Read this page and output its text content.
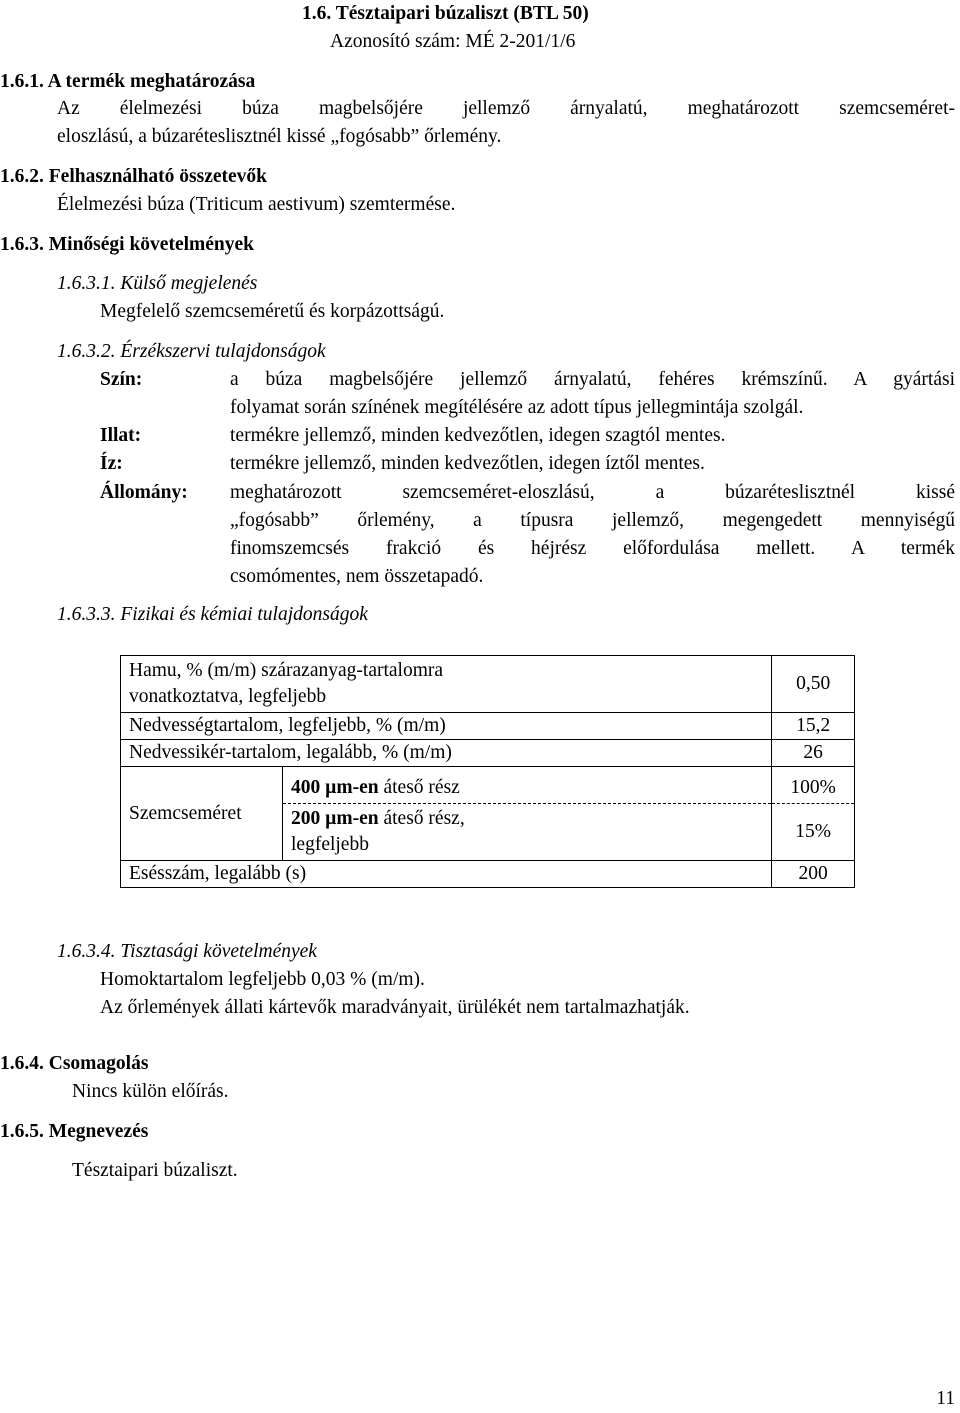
1.6. Tésztaipari búzaliszt (BTL 50)
Azonosító szám: MÉ 2-201/1/6
1.6.1. A termék meghatározása
Az élelmezési búza magbelsőjére jellemző árnyalatú, meghatározott szemcseméret-
eloszlású, a búzaréteslisztnél kissé „fogósabb” őrlemény.
1.6.2. Felhasználható összetevők
Élelmezési búza (Triticum aestivum) szemtermése.
1.6.3. Minőségi követelmények
1.6.3.1. Külső megjelenés
Megfelelő szemcseméretű és korpázottságú.
1.6.3.2. Érzékszervi tulajdonságok
Szín:	a búza magbelsőjére jellemző árnyalatú, fehéres krémszínű. A gyártási
folyamat során színének megítélésére az adott típus jellegmintája szolgál.
Illat:	termékre jellemző, minden kedvezőtlen, idegen szagtól mentes.
Íz:	termékre jellemző, minden kedvezőtlen, idegen íztől mentes.
Állomány: meghatározott szemcseméret-eloszlású, a búzaréteslisztnél kissé
„fogósabb” őrlemény, a típusra jellemző, megengedett mennyiségű
finomszemcsés frakció és héjrész előfordulása mellett. A termék
csomómentes, nem összetapadó.
1.6.3.3. Fizikai és kémiai tulajdonságok
Hamu, % (m/m) szárazanyag-tartalomra
vonatkoztatva, legfeljebb		0,50
Nedvességtartalom, legfeljebb, % (m/m)		15,2
Nedvessikér-tartalom, legalább, % (m/m)		26
Szemcseméret	400 µm-en áteső rész	100%

	200 µm-en áteső rész,
legfeljebb	15%
Esésszám, legalább (s)		200
1.6.3.4. Tisztasági követelmények
Homoktartalom legfeljebb 0,03 % (m/m).
Az őrlemények állati kártevők maradványait, ürülékét nem tartalmazhatják.
1.6.4. Csomagolás
Nincs külön előírás.
1.6.5. Megnevezés
Tésztaipari búzaliszt.
11
